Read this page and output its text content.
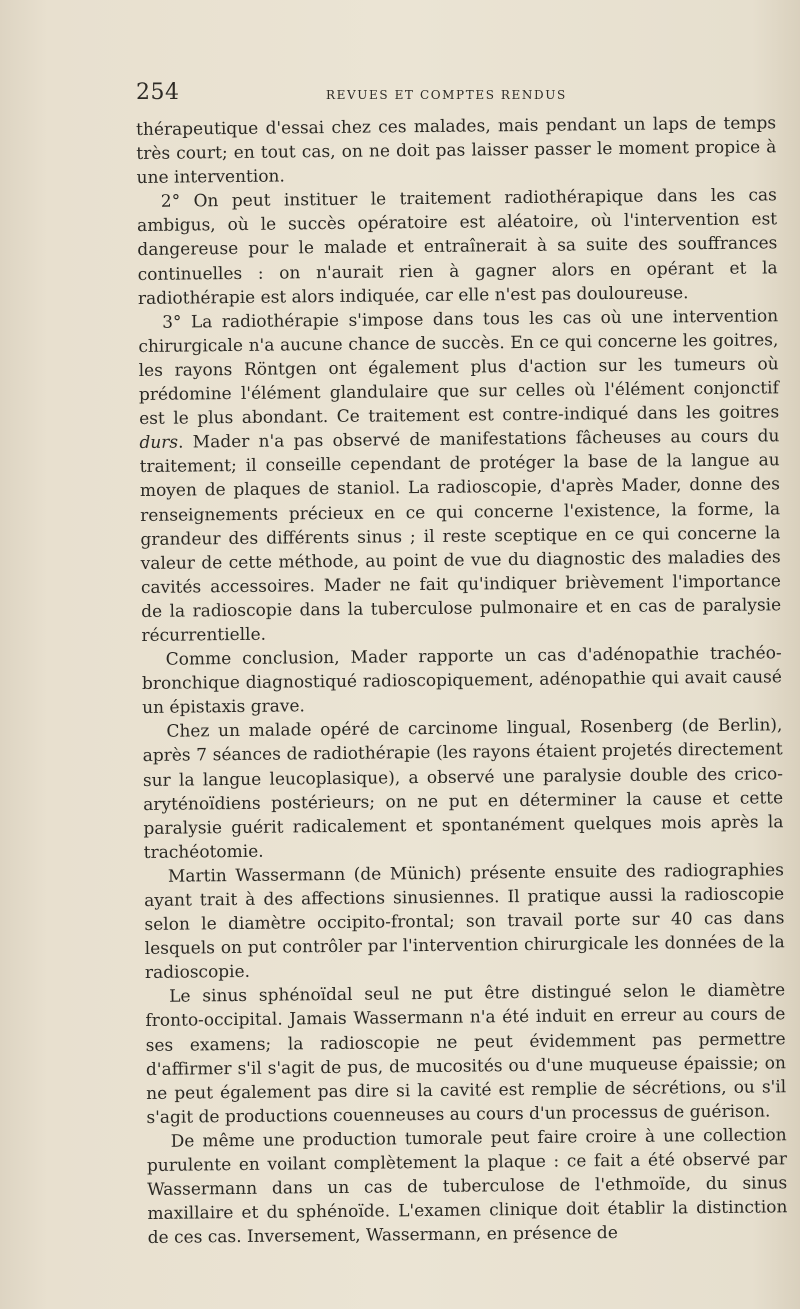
254	REVUES ET COMPTES RENDUS

thérapeutique d'essai chez ces malades, mais pendant un laps de temps très court; en tout cas, on ne doit pas laisser passer le moment propice à une intervention.

2° On peut instituer le traitement radiothérapique dans les cas ambigus, où le succès opératoire est aléatoire, où l'intervention est dangereuse pour le malade et entraînerait à sa suite des souffrances continuelles : on n'aurait rien à gagner alors en opérant et la radiothérapie est alors indiquée, car elle n'est pas douloureuse.

3° La radiothérapie s'impose dans tous les cas où une intervention chirurgicale n'a aucune chance de succès. En ce qui concerne les goitres, les rayons Röntgen ont également plus d'action sur les tumeurs où prédomine l'élément glandulaire que sur celles où l'élément conjonctif est le plus abondant. Ce traitement est contre-indiqué dans les goitres durs. Mader n'a pas observé de manifestations fâcheuses au cours du traitement; il conseille cependant de protéger la base de la langue au moyen de plaques de staniol. La radioscopie, d'après Mader, donne des renseignements précieux en ce qui concerne l'existence, la forme, la grandeur des différents sinus ; il reste sceptique en ce qui concerne la valeur de cette méthode, au point de vue du diagnostic des maladies des cavités accessoires. Mader ne fait qu'indiquer brièvement l'importance de la radioscopie dans la tuberculose pulmonaire et en cas de paralysie récurrentielle.

Comme conclusion, Mader rapporte un cas d'adénopathie trachéo-bronchique diagnostiqué radioscopiquement, adénopathie qui avait causé un épistaxis grave.

Chez un malade opéré de carcinome lingual, Rosenberg (de Berlin), après 7 séances de radiothérapie (les rayons étaient projetés directement sur la langue leucoplasique), a observé une paralysie double des crico-aryténoïdiens postérieurs; on ne put en déterminer la cause et cette paralysie guérit radicalement et spontanément quelques mois après la trachéotomie.

Martin Wassermann (de Münich) présente ensuite des radiographies ayant trait à des affections sinusiennes. Il pratique aussi la radioscopie selon le diamètre occipito-frontal; son travail porte sur 40 cas dans lesquels on put contrôler par l'intervention chirurgicale les données de la radioscopie.

Le sinus sphénoïdal seul ne put être distingué selon le diamètre fronto-occipital. Jamais Wassermann n'a été induit en erreur au cours de ses examens; la radioscopie ne peut évidemment pas permettre d'affirmer s'il s'agit de pus, de mucosités ou d'une muqueuse épaissie; on ne peut également pas dire si la cavité est remplie de sécrétions, ou s'il s'agit de productions couenneuses au cours d'un processus de guérison.

De même une production tumorale peut faire croire à une collection purulente en voilant complètement la plaque : ce fait a été observé par Wassermann dans un cas de tuberculose de l'ethmoïde, du sinus maxillaire et du sphénoïde. L'examen clinique doit établir la distinction de ces cas. Inversement, Wassermann, en présence de
